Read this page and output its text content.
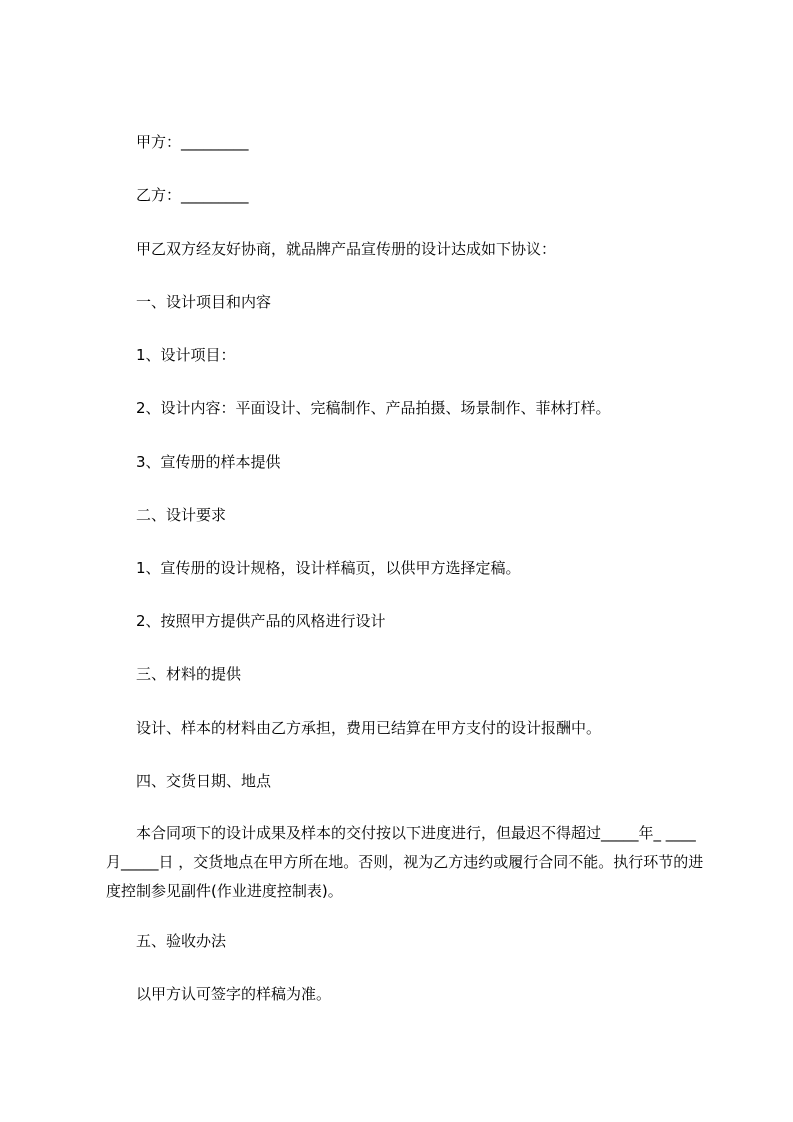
甲方：_________
乙方：_________
甲乙双方经友好协商，就品牌产品宣传册的设计达成如下协议：
一、设计项目和内容
1、设计项目：
2、设计内容：平面设计、完稿制作、产品拍摄、场景制作、菲林打样。
3、宣传册的样本提供
二、设计要求
1、宣传册的设计规格，设计样稿页，以供甲方选择定稿。
2、按照甲方提供产品的风格进行设计
三、材料的提供
设计、样本的材料由乙方承担，费用已结算在甲方支付的设计报酬中。
四、交货日期、地点
本合同项下的设计成果及样本的交付按以下进度进行，但最迟不得超过_____年_ ____月_____日 ，交货地点在甲方所在地。否则，视为乙方违约或履行合同不能。执行环节的进度控制参见副件(作业进度控制表)。
五、验收办法
以甲方认可签字的样稿为准。
